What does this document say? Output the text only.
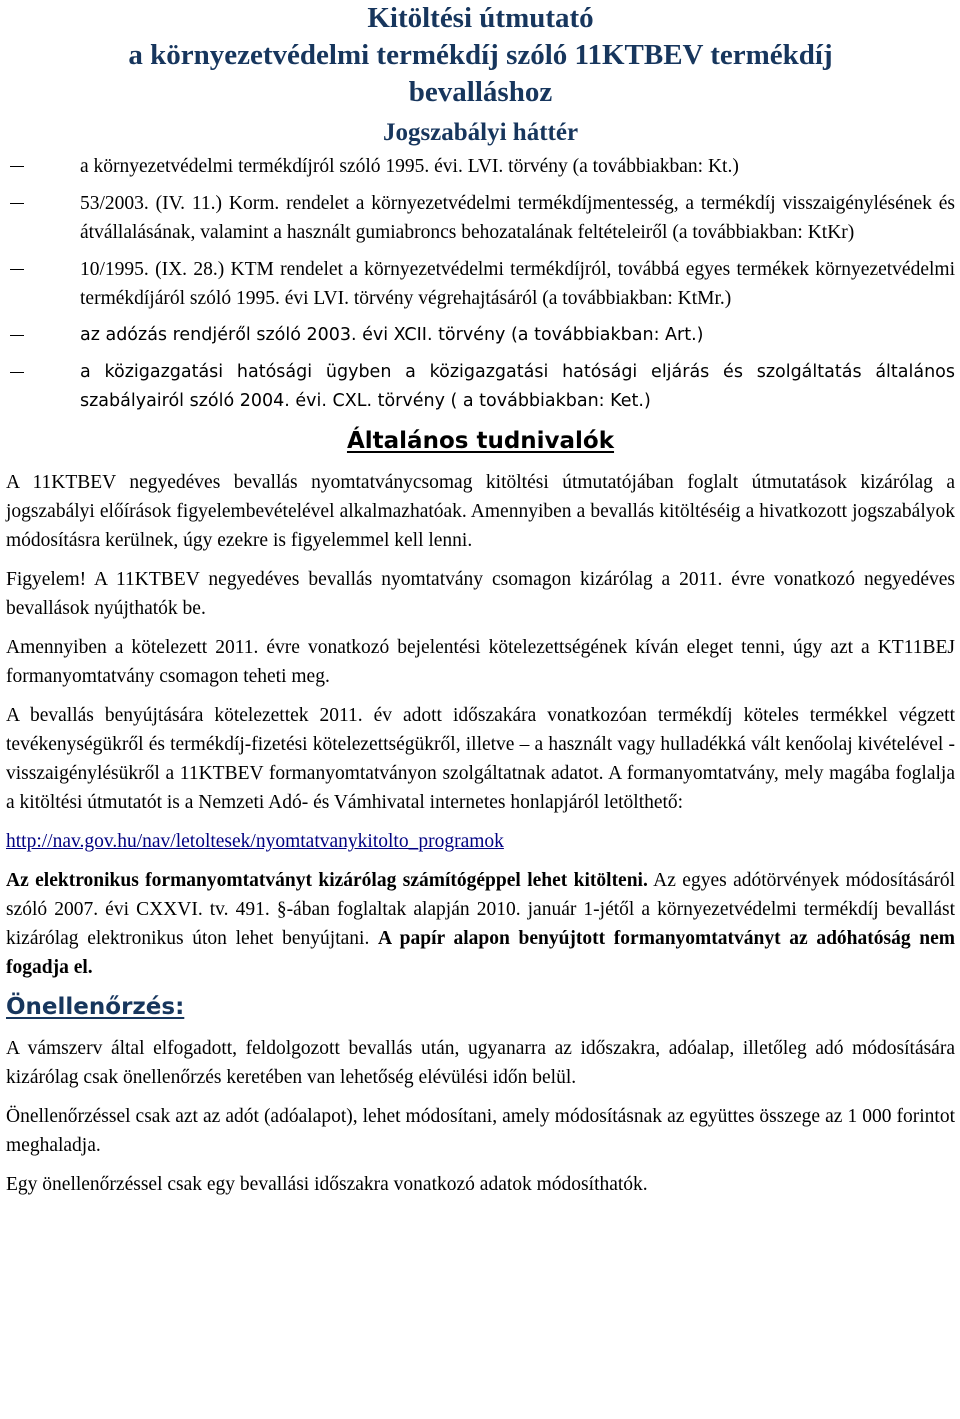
Kitöltési útmutató
a környezetvédelmi termékdíj szóló 11KTBEV termékdíj
bevalláshoz
Jogszabályi háttér
a környezetvédelmi termékdíjról szóló 1995. évi. LVI. törvény (a továbbiakban: Kt.)
53/2003. (IV. 11.) Korm. rendelet a környezetvédelmi termékdíjmentesség, a termékdíj visszaigénylésének és átvállalásának, valamint a használt gumiabroncs behozatalának feltételeiről (a továbbiakban: KtKr)
10/1995. (IX. 28.) KTM rendelet a környezetvédelmi termékdíjról, továbbá egyes termékek környezetvédelmi termékdíjáról szóló 1995. évi LVI. törvény végrehajtásáról (a továbbiakban: KtMr.)
az adózás rendjéről szóló 2003. évi XCII. törvény (a továbbiakban: Art.)
a közigazgatási hatósági ügyben a közigazgatási hatósági eljárás és szolgáltatás általános szabályairól szóló 2004. évi. CXL. törvény ( a továbbiakban: Ket.)
Általános tudnivalók

A 11KTBEV negyedéves bevallás nyomtatványcsomag kitöltési útmutatójában foglalt útmutatások kizárólag a jogszabályi előírások figyelembevételével alkalmazhatóak. Amennyiben a bevallás kitöltéséig a hivatkozott jogszabályok módosításra kerülnek, úgy ezekre is figyelemmel kell lenni.

Figyelem! A 11KTBEV negyedéves bevallás nyomtatvány csomagon kizárólag a 2011. évre vonatkozó negyedéves bevallások nyújthatók be.

Amennyiben a kötelezett 2011. évre vonatkozó bejelentési kötelezettségének kíván eleget tenni, úgy azt a KT11BEJ formanyomtatvány csomagon teheti meg.

A bevallás benyújtására kötelezettek 2011. év adott időszakára vonatkozóan termékdíj köteles termékkel végzett tevékenységükről és termékdíj-fizetési kötelezettségükről, illetve – a használt vagy hulladékká vált kenőolaj kivételével - visszaigénylésükről a 11KTBEV formanyomtatványon szolgáltatnak adatot. A formanyomtatvány, mely magába foglalja a kitöltési útmutatót is a Nemzeti Adó- és Vámhivatal internetes honlapjáról letölthető:

http://nav.gov.hu/nav/letoltesek/nyomtatvanykitolto_programok

Az elektronikus formanyomtatványt kizárólag számítógéppel lehet kitölteni. Az egyes adótörvények módosításáról szóló 2007. évi CXXVI. tv. 491. §-ában foglaltak alapján 2010. január 1-jétől a környezetvédelmi termékdíj bevallást kizárólag elektronikus úton lehet benyújtani. A papír alapon benyújtott formanyomtatványt az adóhatóság nem fogadja el.

Önellenőrzés:

A vámszerv által elfogadott, feldolgozott bevallás után, ugyanarra az időszakra, adóalap, illetőleg adó módosítására kizárólag csak önellenőrzés keretében van lehetőség elévülési időn belül.

Önellenőrzéssel csak azt az adót (adóalapot), lehet módosítani, amely módosításnak az együttes összege az 1 000 forintot meghaladja.

Egy önellenőrzéssel csak egy bevallási időszakra vonatkozó adatok módosíthatók.
